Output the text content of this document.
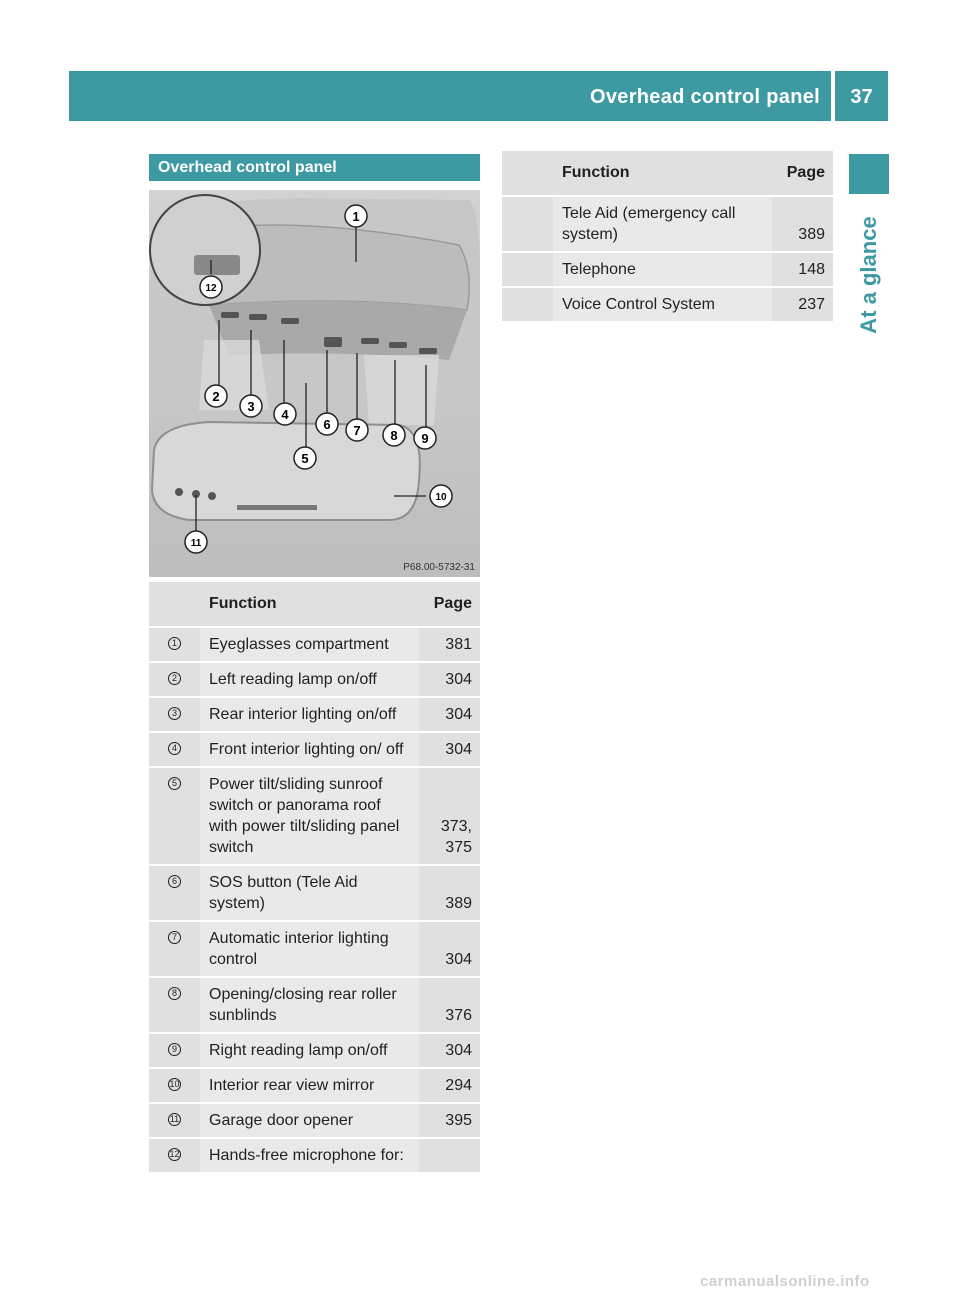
Overhead control panel	37
At a glance
Overhead control panel
1
2
3
4
5
6 7 8 9
10
11
12
P68.00-5732-31
	Function	Page
1	Eyeglasses compartment	381
2	Left reading lamp on/off	304
3	Rear interior lighting on/off	304
4	Front interior lighting on/ off	304
5	Power tilt/sliding sunroof switch or panorama roof with power tilt/sliding panel switch	373, 375
6	SOS button (Tele Aid system)	389
7	Automatic interior lighting control	304
8	Opening/closing rear roller sunblinds	376
9	Right reading lamp on/off	304
10	Interior rear view mirror	294
11	Garage door opener	395
12	Hands-free microphone for:	
	Function	Page
	Tele Aid (emergency call system)	389
	Telephone	148
	Voice Control System	237
carmanualsonline.info
